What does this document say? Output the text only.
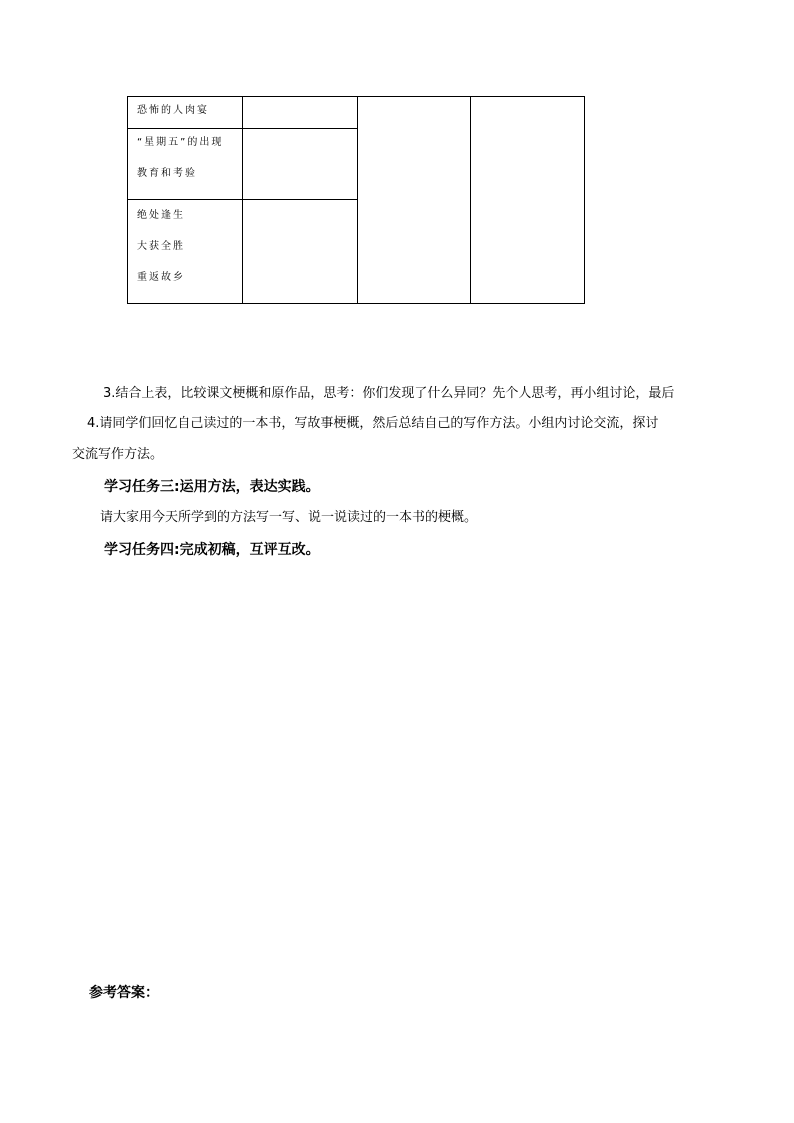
恐怖的人肉宴			

“星期五”的出现
教育和考验			

绝处逢生
大获全胜
重返故乡			

3.结合上表，比较课文梗概和原作品，思考：你们发现了什么异同？先个人思考，再小组讨论，最后
4.请同学们回忆自己读过的一本书，写故事梗概，然后总结自己的写作方法。小组内讨论交流，探讨
交流写作方法。
学习任务三:运用方法，表达实践。
请大家用今天所学到的方法写一写、说一说读过的一本书的梗概。
学习任务四:完成初稿，互评互改。
参考答案：
